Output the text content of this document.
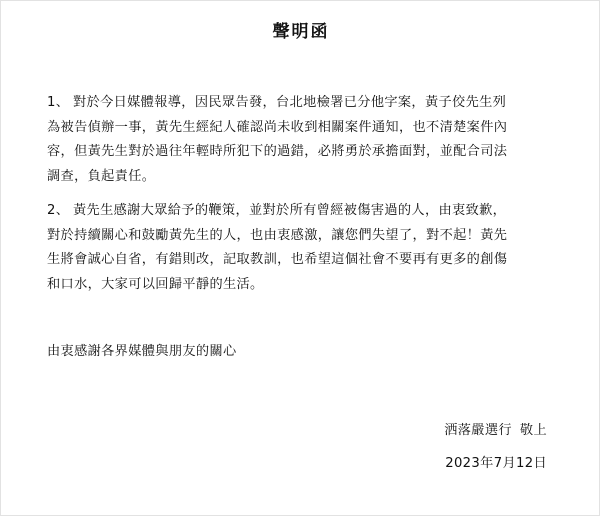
聲明函
1、 對於今日媒體報導，因民眾告發，台北地檢署已分他字案，黃子佼先生列
為被告偵辦一事，黃先生經紀人確認尚未收到相關案件通知，也不清楚案件內
容，但黃先生對於過往年輕時所犯下的過錯，必將勇於承擔面對，並配合司法
調查，負起責任。
2、 黃先生感謝大眾給予的鞭策，並對於所有曾經被傷害過的人，由衷致歉，
對於持續關心和鼓勵黃先生的人，也由衷感激，讓您們失望了，對不起！黃先
生將會誠心自省，有錯則改，記取教訓，也希望這個社會不要再有更多的創傷
和口水，大家可以回歸平靜的生活。
由衷感謝各界媒體與朋友的關心
洒落嚴選行 敬上
2023年7月12日
